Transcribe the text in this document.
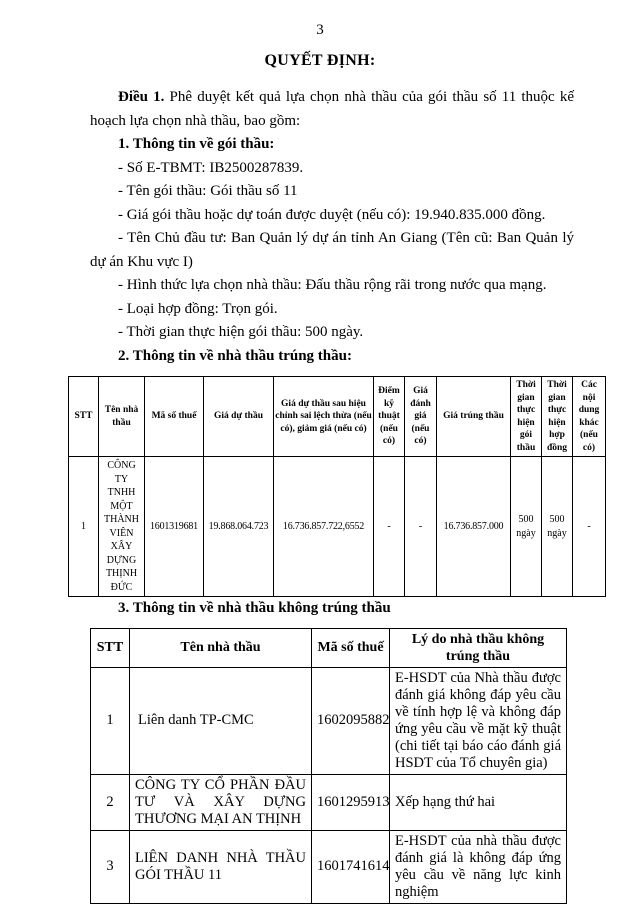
3
QUYẾT ĐỊNH:

Điều 1. Phê duyệt kết quả lựa chọn nhà thầu của gói thầu số 11 thuộc kế hoạch lựa chọn nhà thầu, bao gồm:

1. Thông tin về gói thầu:

- Số E-TBMT: IB2500287839.

- Tên gói thầu: Gói thầu số 11

- Giá gói thầu hoặc dự toán được duyệt (nếu có): 19.940.835.000 đồng.

- Tên Chủ đầu tư: Ban Quản lý dự án tỉnh An Giang (Tên cũ: Ban Quản lý dự án Khu vực I)

- Hình thức lựa chọn nhà thầu: Đấu thầu rộng rãi trong nước qua mạng.

- Loại hợp đồng: Trọn gói.

- Thời gian thực hiện gói thầu: 500 ngày.

2. Thông tin về nhà thầu trúng thầu:

STT	Tên nhà thầu	Mã số thuế	Giá dự thầu	Giá dự thầu sau hiệu chỉnh sai lệch thừa (nếu có), giảm giá (nếu có)	Điểm kỹ thuật (nếu có)	Giá đánh giá (nếu có)	Giá trúng thầu	Thời gian thực hiện gói thầu	Thời gian thực hiện hợp đồng	Các nội dung khác (nếu có)
1	CÔNG TY TNHH MỘT THÀNH VIÊN XÂY DỰNG THỊNH ĐỨC	1601319681	19.868.064.723	16.736.857.722,6552	-	-	16.736.857.000	500 ngày	500 ngày	-

3. Thông tin về nhà thầu không trúng thầu

STT	Tên nhà thầu	Mã số thuế	Lý do nhà thầu không trúng thầu
1	Liên danh TP-CMC	1602095882	E-HSDT của Nhà thầu được đánh giá không đáp yêu cầu về tính hợp lệ và không đáp ứng yêu cầu về mặt kỹ thuật (chi tiết tại báo cáo đánh giá HSDT của Tổ chuyên gia)
2	CÔNG TY CỔ PHẦN ĐẦU TƯ VÀ XÂY DỰNG THƯƠNG MẠI AN THỊNH	1601295913	Xếp hạng thứ hai
3	LIÊN DANH NHÀ THẦU GÓI THẦU 11	1601741614	E-HSDT của nhà thầu được đánh giá là không đáp ứng yêu cầu về năng lực kinh nghiệm
